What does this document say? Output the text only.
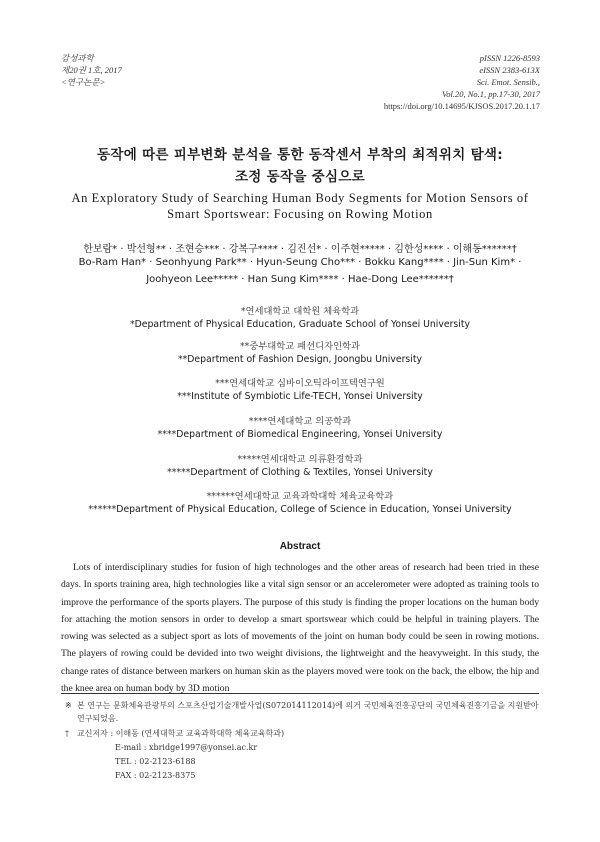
감성과학
제20권 1호, 2017
<연구논문>
pISSN 1226-8593
eISSN 2383-613X
Sci. Emot. Sensib.,
Vol.20, No.1, pp.17-30, 2017
https://doi.org/10.14695/KJSOS.2017.20.1.17
동작에 따른 피부변화 분석을 통한 동작센서 부착의 최적위치 탐색:
조정 동작을 중심으로
An Exploratory Study of Searching Human Body Segments for Motion Sensors of
Smart Sportswear: Focusing on Rowing Motion
한보람* · 박선형** · 조현승*** · 강복구**** · 김진선* · 이주현***** · 김한성**** · 이해동******†
Bo-Ram Han* · Seonhyung Park** · Hyun-Seung Cho*** · Bokku Kang**** · Jin-Sun Kim* ·
Joohyeon Lee***** · Han Sung Kim**** · Hae-Dong Lee******†
*연세대학교 대학원 체육학과
*Department of Physical Education, Graduate School of Yonsei University
**중부대학교 패션디자인학과
**Department of Fashion Design, Joongbu University
***연세대학교 심바이오틱라이프텍연구원
***Institute of Symbiotic Life-TECH, Yonsei University
****연세대학교 의공학과
****Department of Biomedical Engineering, Yonsei University
*****연세대학교 의류환경학과
*****Department of Clothing & Textiles, Yonsei University
******연세대학교 교육과학대학 체육교육학과
******Department of Physical Education, College of Science in Education, Yonsei University
Abstract

Lots of interdisciplinary studies for fusion of high technologes and the other areas of research had been tried in these days. In sports training area, high technologies like a vital sign sensor or an accelerometer were adopted as training tools to improve the performance of the sports players. The purpose of this study is finding the proper locations on the human body for attaching the motion sensors in order to develop a smart sportswear which could be helpful in training players. The rowing was selected as a subject sport as lots of movements of the joint on human body could be seen in rowing motions. The players of rowing could be devided into two weight divisions, the lightweight and the heavyweight. In this study, the change rates of distance between markers on human skin as the players moved were took on the back, the elbow, the hip and the knee area on human body by 3D motion

※ 본 연구는 문화체육관광부의 스포츠산업기술개발사업(S072014112014)에 의거 국민체육진흥공단의 국민체육진흥기금을 지원받아 연구되었음.
†	교신저자 : 이해동 (연세대학교 교육과학대학 체육교육학과)
E-mail : xbridge1997@yonsei.ac.kr
TEL : 02-2123-6188
FAX : 02-2123-8375
